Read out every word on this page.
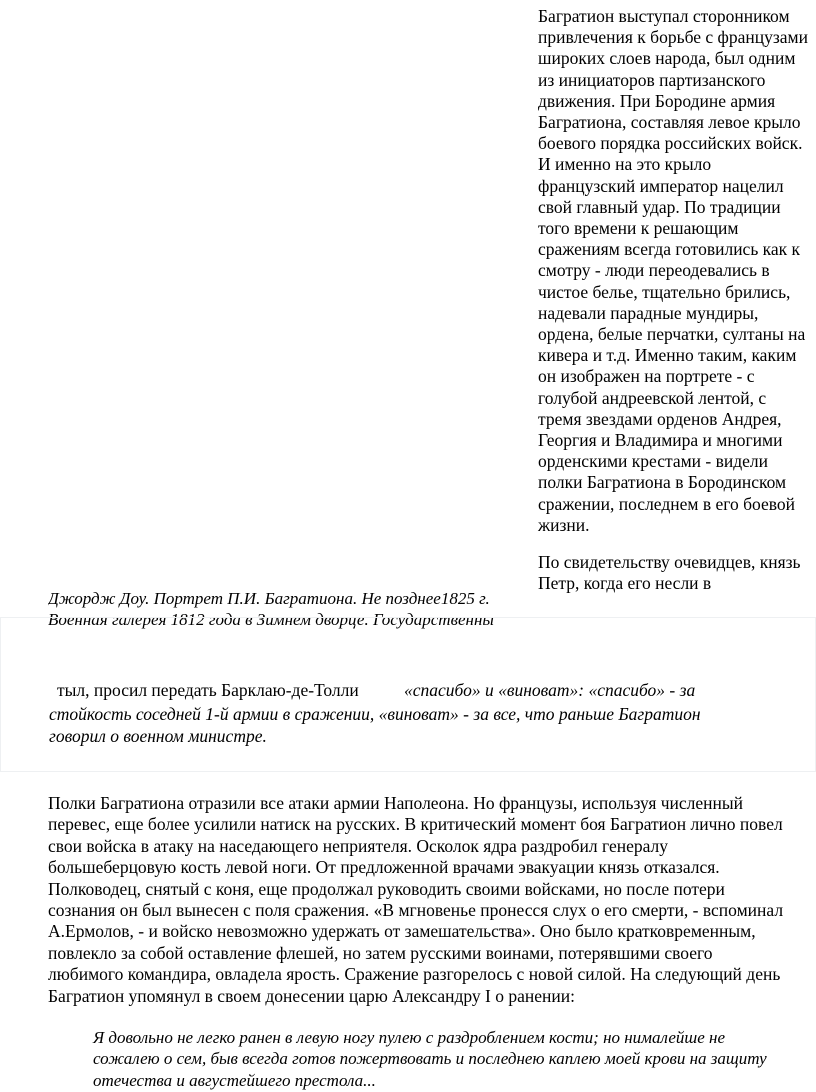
Багратион выступал сторонником привлечения к борьбе с французами широких слоев народа, был одним из инициаторов партизанского движения. При Бородине армия Багратиона, составляя левое крыло боевого порядка российских войск. И именно на это крыло французский император нацелил свой главный удар. По традиции того времени к решающим сражениям всегда готовились как к смотру - люди переодевались в чистое белье, тщательно брились, надевали парадные мундиры, ордена, белые перчатки, султаны на кивера и т.д. Именно таким, каким он изображен на портрете - с голубой андреевской лентой, с тремя звездами орденов Андрея, Георгия и Владимира и многими орденскими крестами - видели полки Багратиона в Бородинском сражении, последнем в его боевой жизни.

По свидетельству очевидцев, князь Петр, когда его несли в

Джордж Доу. Портрет П.И. Багратиона. Не позднее1825 г.
Военная галерея 1812 года в Зимнем дворце. Государственны

тыл, просил передать Барклаю-де-Толли	«спасибо» и «виноват»: «спасибо» - за

стойкость соседней 1-й армии в сражении, «виноват» - за все, что раньше Багратион

говорил о военном министре.

Полки Багратиона отразили все атаки армии Наполеона. Но французы, используя численный перевес, еще более усилили натиск на русских. В критический момент боя Багратион лично повел свои войска в атаку на наседающего неприятеля. Осколок ядра раздробил генералу большеберцовую кость левой ноги. От предложенной врачами эвакуации князь отказался. Полководец, снятый с коня, еще продолжал руководить своими войсками, но после потери сознания он был вынесен с поля сражения. «В мгновенье пронесся слух о его смерти, - вспоминал А.Ермолов, - и войско невозможно удержать от замешательства». Оно было кратковременным, повлекло за собой оставление флешей, но затем русскими воинами, потерявшими своего любимого командира, овладела ярость. Сражение разгорелось с новой силой. На следующий день Багратион упомянул в своем донесении царю Александру I о ранении:

Я довольно не легко ранен в левую ногу пулею с раздроблением кости; но нималейше не сожалею о сем, быв всегда готов пожертвовать и последнею каплею моей крови на защиту отечества и августейшего престола...
